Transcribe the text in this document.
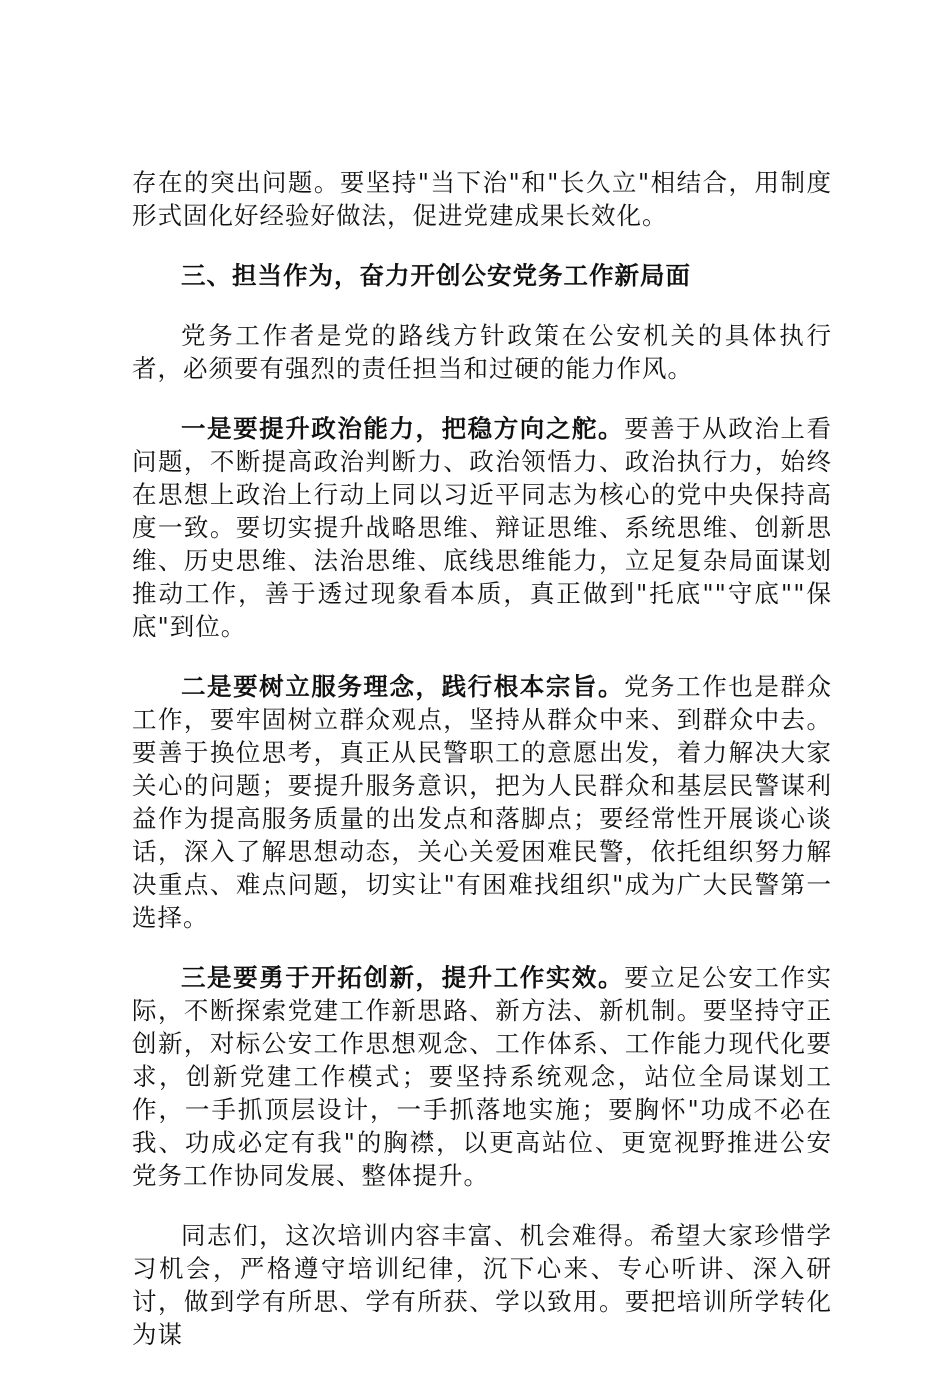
存在的突出问题。要坚持"当下治"和"长久立"相结合，用制度形式固化好经验好做法，促进党建成果长效化。

三、担当作为，奋力开创公安党务工作新局面

党务工作者是党的路线方针政策在公安机关的具体执行者，必须要有强烈的责任担当和过硬的能力作风。

一是要提升政治能力，把稳方向之舵。要善于从政治上看问题，不断提高政治判断力、政治领悟力、政治执行力，始终在思想上政治上行动上同以习近平同志为核心的党中央保持高度一致。要切实提升战略思维、辩证思维、系统思维、创新思维、历史思维、法治思维、底线思维能力，立足复杂局面谋划推动工作，善于透过现象看本质，真正做到"托底""守底""保底"到位。

二是要树立服务理念，践行根本宗旨。党务工作也是群众工作，要牢固树立群众观点，坚持从群众中来、到群众中去。要善于换位思考，真正从民警职工的意愿出发，着力解决大家关心的问题；要提升服务意识，把为人民群众和基层民警谋利益作为提高服务质量的出发点和落脚点；要经常性开展谈心谈话，深入了解思想动态，关心关爱困难民警，依托组织努力解决重点、难点问题，切实让"有困难找组织"成为广大民警第一选择。

三是要勇于开拓创新，提升工作实效。要立足公安工作实际，不断探索党建工作新思路、新方法、新机制。要坚持守正创新，对标公安工作思想观念、工作体系、工作能力现代化要求，创新党建工作模式；要坚持系统观念，站位全局谋划工作，一手抓顶层设计，一手抓落地实施；要胸怀"功成不必在我、功成必定有我"的胸襟，以更高站位、更宽视野推进公安党务工作协同发展、整体提升。

同志们，这次培训内容丰富、机会难得。希望大家珍惜学习机会，严格遵守培训纪律，沉下心来、专心听讲、深入研讨，做到学有所思、学有所获、学以致用。要把培训所学转化为谋
